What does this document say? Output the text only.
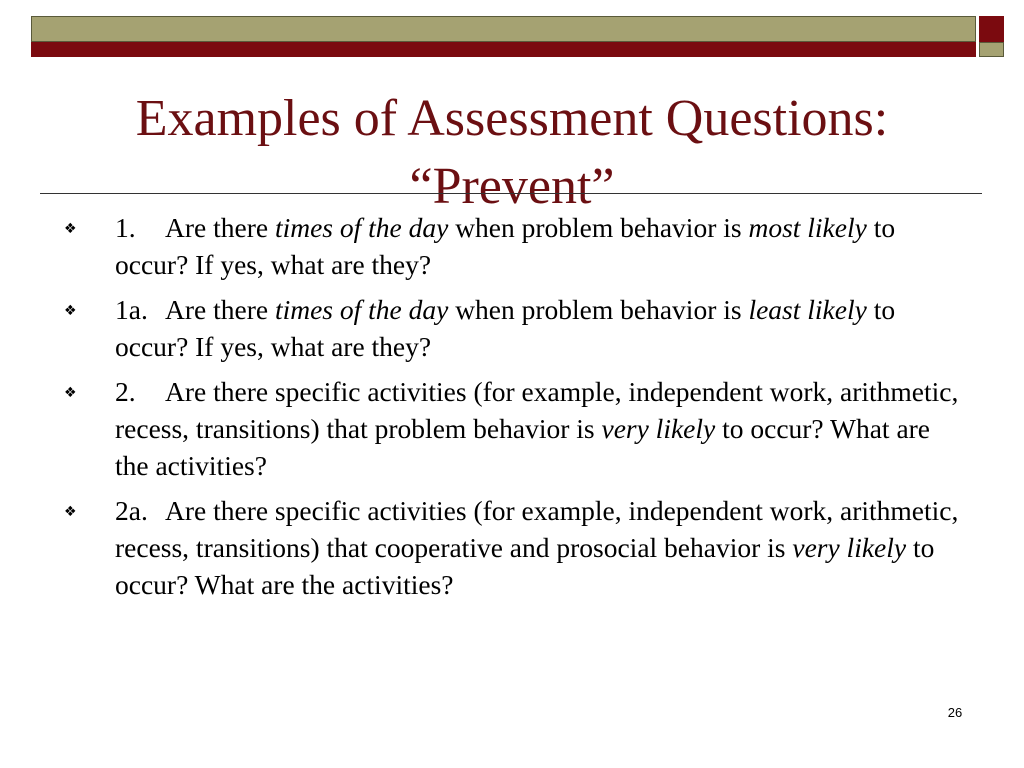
Examples of Assessment Questions:
“Prevent”
❖ 1. Are there times of the day when problem behavior is most likely to occur? If yes, what are they?
❖ 1a. Are there times of the day when problem behavior is least likely to occur? If yes, what are they?
❖ 2. Are there specific activities (for example, independent work, arithmetic, recess, transitions) that problem behavior is very likely to occur? What are the activities?
❖ 2a. Are there specific activities (for example, independent work, arithmetic, recess, transitions) that cooperative and prosocial behavior is very likely to occur? What are the activities?
26
